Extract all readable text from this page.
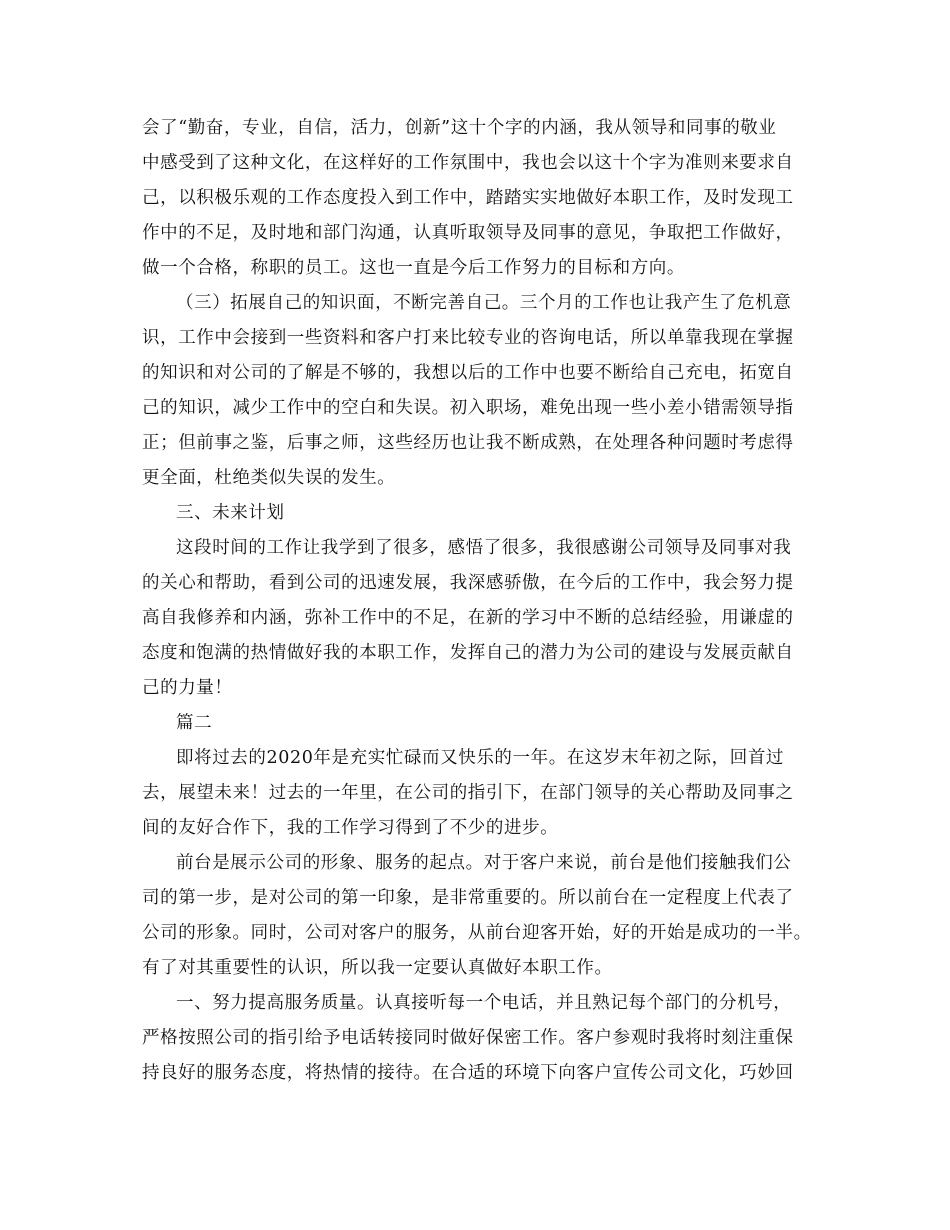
会了“勤奋，专业，自信，活力，创新”这十个字的内涵，我从领导和同事的敬业
中感受到了这种文化，在这样好的工作氛围中，我也会以这十个字为准则来要求自
己，以积极乐观的工作态度投入到工作中，踏踏实实地做好本职工作，及时发现工
作中的不足，及时地和部门沟通，认真听取领导及同事的意见，争取把工作做好，
做一个合格，称职的员工。这也一直是今后工作努力的目标和方向。
（三）拓展自己的知识面，不断完善自己。三个月的工作也让我产生了危机意
识，工作中会接到一些资料和客户打来比较专业的咨询电话，所以单靠我现在掌握
的知识和对公司的了解是不够的，我想以后的工作中也要不断给自己充电，拓宽自
己的知识，减少工作中的空白和失误。初入职场，难免出现一些小差小错需领导指
正；但前事之鉴，后事之师，这些经历也让我不断成熟，在处理各种问题时考虑得
更全面，杜绝类似失误的发生。
三、未来计划
这段时间的工作让我学到了很多，感悟了很多，我很感谢公司领导及同事对我
的关心和帮助，看到公司的迅速发展，我深感骄傲，在今后的工作中，我会努力提
高自我修养和内涵，弥补工作中的不足，在新的学习中不断的总结经验，用谦虚的
态度和饱满的热情做好我的本职工作，发挥自己的潜力为公司的建设与发展贡献自
己的力量！
篇二
即将过去的2020年是充实忙碌而又快乐的一年。在这岁末年初之际，回首过
去，展望未来！过去的一年里，在公司的指引下，在部门领导的关心帮助及同事之
间的友好合作下，我的工作学习得到了不少的进步。
前台是展示公司的形象、服务的起点。对于客户来说，前台是他们接触我们公
司的第一步，是对公司的第一印象，是非常重要的。所以前台在一定程度上代表了
公司的形象。同时，公司对客户的服务，从前台迎客开始，好的开始是成功的一半。
有了对其重要性的认识，所以我一定要认真做好本职工作。
一、努力提高服务质量。认真接听每一个电话，并且熟记每个部门的分机号，
严格按照公司的指引给予电话转接同时做好保密工作。客户参观时我将时刻注重保
持良好的服务态度，将热情的接待。在合适的环境下向客户宣传公司文化，巧妙回
